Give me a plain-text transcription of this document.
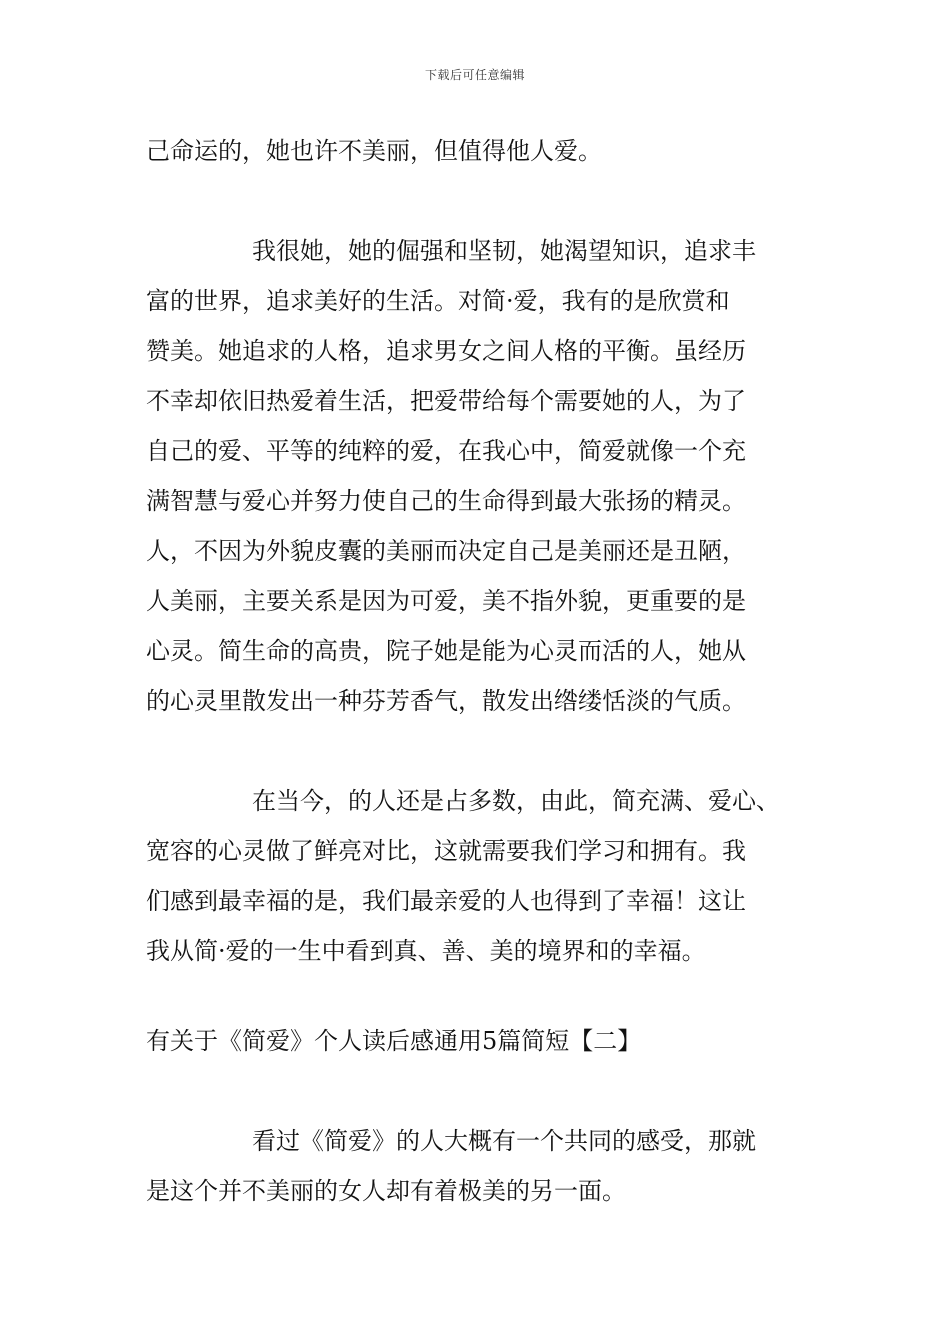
下载后可任意编辑
己命运的，她也许不美丽，但值得他人爱。
我很她，她的倔强和坚韧，她渴望知识，追求丰
富的世界，追求美好的生活。对简·爱，我有的是欣赏和
赞美。她追求的人格，追求男女之间人格的平衡。虽经历
不幸却依旧热爱着生活，把爱带给每个需要她的人，为了
自己的爱、平等的纯粹的爱，在我心中，简爱就像一个充
满智慧与爱心并努力使自己的生命得到最大张扬的精灵。
人，不因为外貌皮囊的美丽而决定自己是美丽还是丑陋，
人美丽，主要关系是因为可爱，美不指外貌，更重要的是
心灵。简生命的高贵，院子她是能为心灵而活的人，她从
的心灵里散发出一种芬芳香气，散发出绺缕恬淡的气质。
在当今，的人还是占多数，由此，简充满、爱心、
宽容的心灵做了鲜亮对比，这就需要我们学习和拥有。我
们感到最幸福的是，我们最亲爱的人也得到了幸福！这让
我从简·爱的一生中看到真、善、美的境界和的幸福。
有关于《简爱》个人读后感通用5篇简短【二】
看过《简爱》的人大概有一个共同的感受，那就
是这个并不美丽的女人却有着极美的另一面。
